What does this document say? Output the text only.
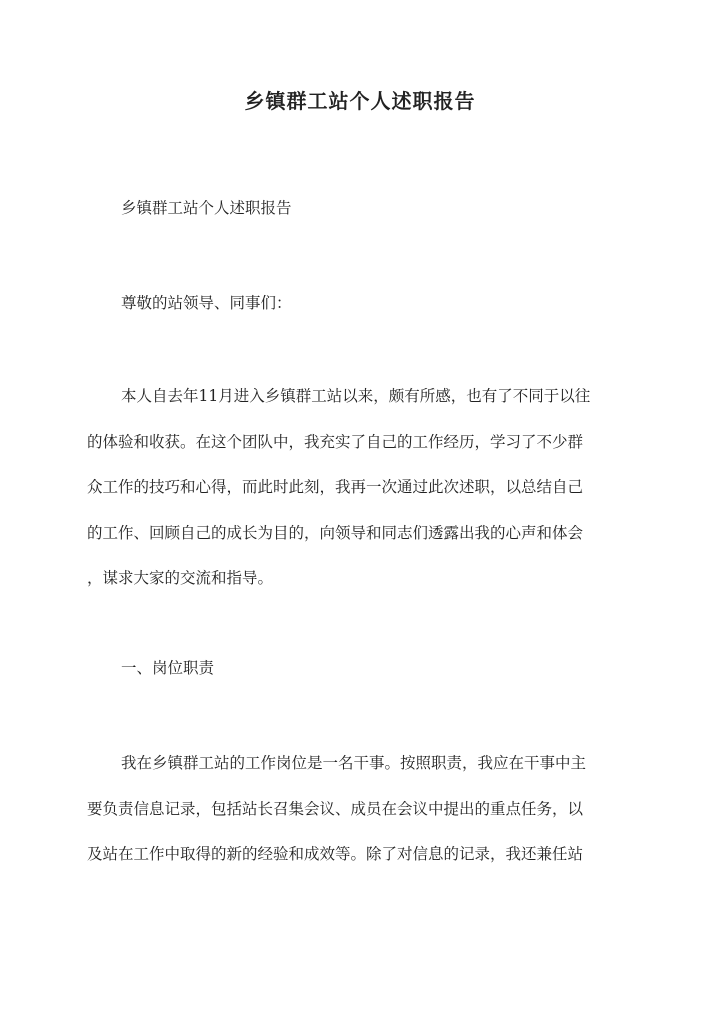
乡镇群工站个人述职报告
乡镇群工站个人述职报告
尊敬的站领导、同事们：
本人自去年11月进入乡镇群工站以来，颇有所感，也有了不同于以往
的体验和收获。在这个团队中，我充实了自己的工作经历，学习了不少群
众工作的技巧和心得，而此时此刻，我再一次通过此次述职，以总结自己
的工作、回顾自己的成长为目的，向领导和同志们透露出我的心声和体会
，谋求大家的交流和指导。
一、岗位职责
我在乡镇群工站的工作岗位是一名干事。按照职责，我应在干事中主
要负责信息记录，包括站长召集会议、成员在会议中提出的重点任务，以
及站在工作中取得的新的经验和成效等。除了对信息的记录，我还兼任站
